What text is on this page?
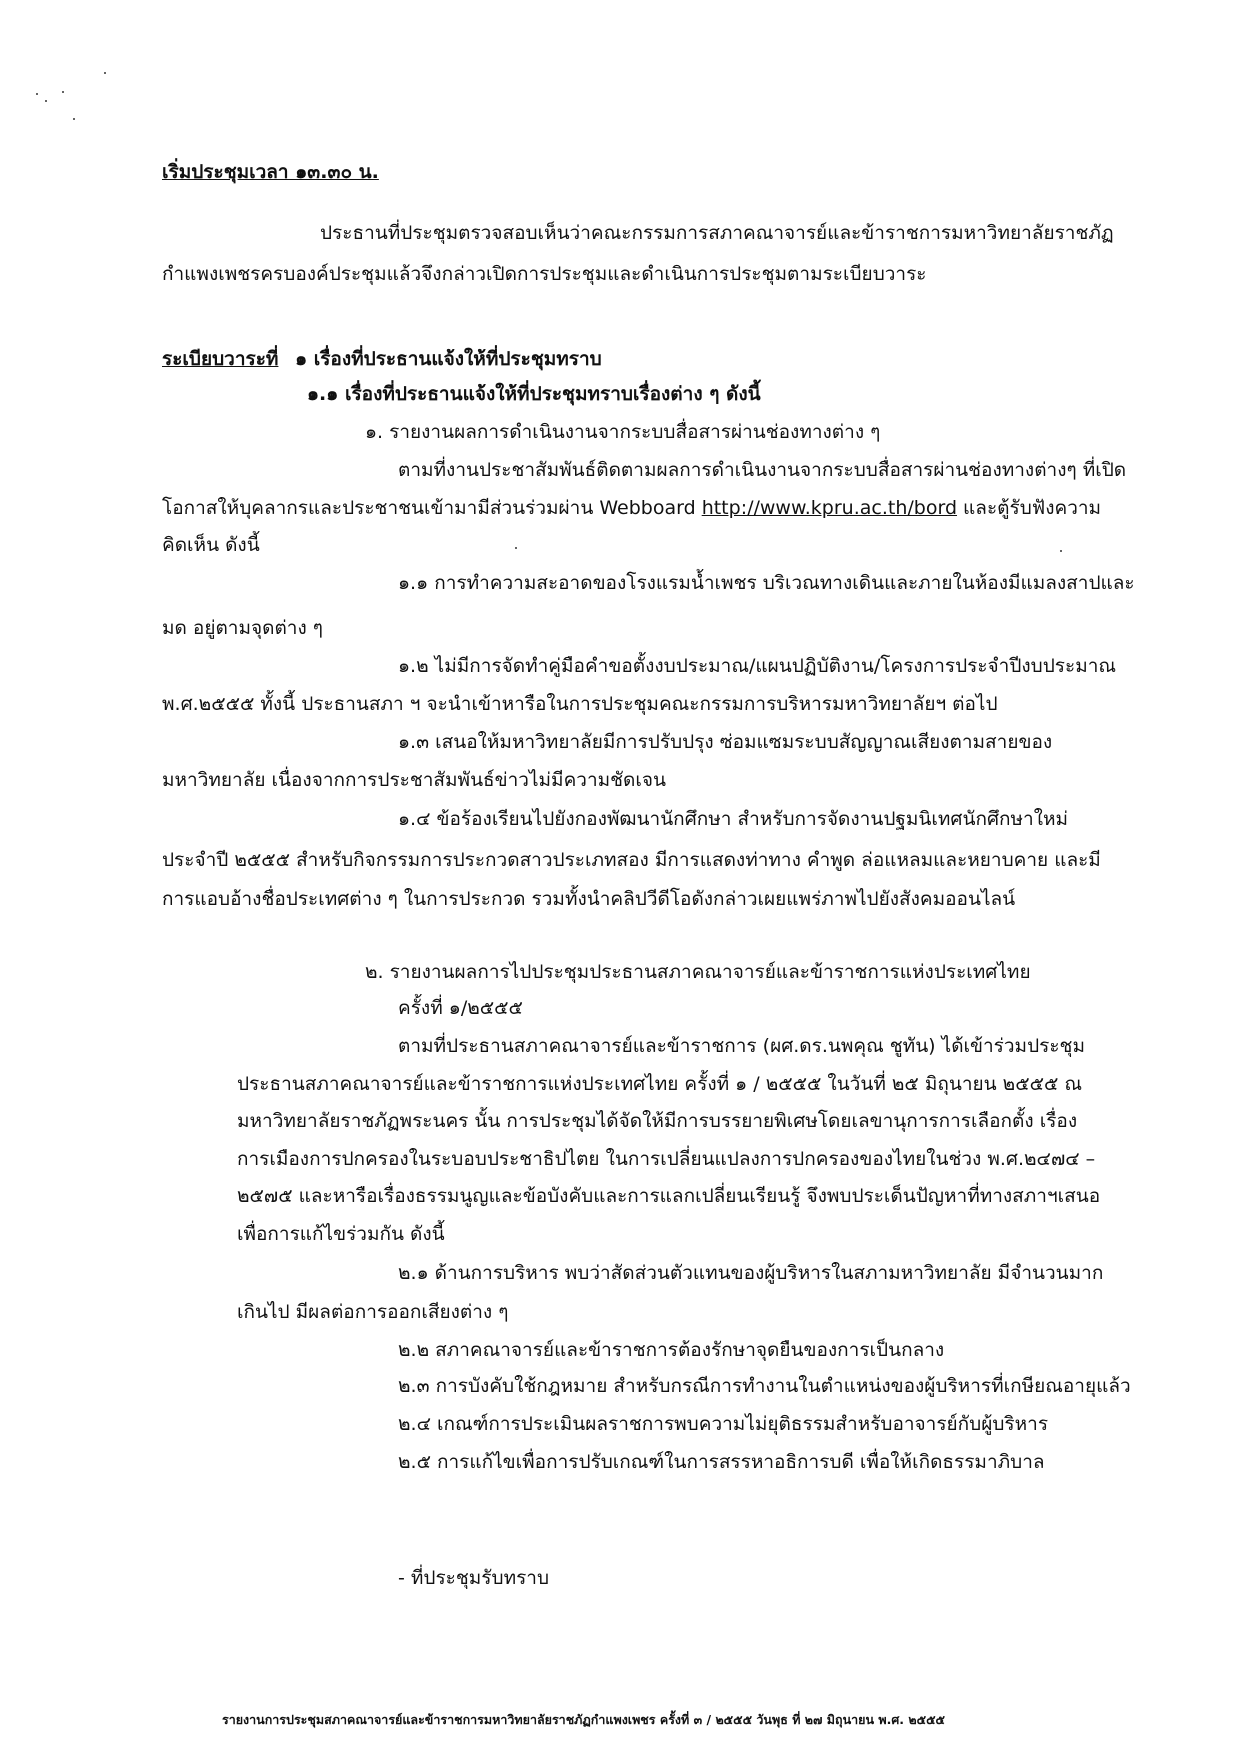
เริ่มประชุมเวลา ๑๓.๓๐ น.
ประธานที่ประชุมตรวจสอบเห็นว่าคณะกรรมการสภาคณาจารย์และข้าราชการมหาวิทยาลัยราชภัฏ
กำแพงเพชรครบองค์ประชุมแล้วจึงกล่าวเปิดการประชุมและดำเนินการประชุมตามระเบียบวาระ
ระเบียบวาระที่ ๑ เรื่องที่ประธานแจ้งให้ที่ประชุมทราบ
๑.๑ เรื่องที่ประธานแจ้งให้ที่ประชุมทราบเรื่องต่าง ๆ ดังนี้
๑. รายงานผลการดำเนินงานจากระบบสื่อสารผ่านช่องทางต่าง ๆ
ตามที่งานประชาสัมพันธ์ติดตามผลการดำเนินงานจากระบบสื่อสารผ่านช่องทางต่างๆ ที่เปิด
โอกาสให้บุคลากรและประชาชนเข้ามามีส่วนร่วมผ่าน Webboard http://www.kpru.ac.th/bord และตู้รับฟังความ
คิดเห็น ดังนี้
๑.๑ การทำความสะอาดของโรงแรมน้ำเพชร บริเวณทางเดินและภายในห้องมีแมลงสาปและ
มด อยู่ตามจุดต่าง ๆ
๑.๒ ไม่มีการจัดทำคู่มือคำขอตั้งงบประมาณ/แผนปฏิบัติงาน/โครงการประจำปีงบประมาณ
พ.ศ.๒๕๕๕ ทั้งนี้ ประธานสภา ฯ จะนำเข้าหารือในการประชุมคณะกรรมการบริหารมหาวิทยาลัยฯ ต่อไป
๑.๓ เสนอให้มหาวิทยาลัยมีการปรับปรุง ซ่อมแซมระบบสัญญาณเสียงตามสายของ
มหาวิทยาลัย เนื่องจากการประชาสัมพันธ์ข่าวไม่มีความชัดเจน
๑.๔ ข้อร้องเรียนไปยังกองพัฒนานักศึกษา สำหรับการจัดงานปฐมนิเทศนักศึกษาใหม่
ประจำปี ๒๕๕๕ สำหรับกิจกรรมการประกวดสาวประเภทสอง มีการแสดงท่าทาง คำพูด ล่อแหลมและหยาบคาย และมี
การแอบอ้างชื่อประเทศต่าง ๆ ในการประกวด รวมทั้งนำคลิปวีดีโอดังกล่าวเผยแพร่ภาพไปยังสังคมออนไลน์
๒. รายงานผลการไปประชุมประธานสภาคณาจารย์และข้าราชการแห่งประเทศไทย
ครั้งที่ ๑/๒๕๕๕
ตามที่ประธานสภาคณาจารย์และข้าราชการ (ผศ.ดร.นพคุณ ชูทัน) ได้เข้าร่วมประชุม
ประธานสภาคณาจารย์และข้าราชการแห่งประเทศไทย ครั้งที่ ๑ / ๒๕๕๕ ในวันที่ ๒๕ มิถุนายน ๒๕๕๕ ณ
มหาวิทยาลัยราชภัฏพระนคร นั้น การประชุมได้จัดให้มีการบรรยายพิเศษโดยเลขานุการการเลือกตั้ง เรื่อง
การเมืองการปกครองในระบอบประชาธิปไตย ในการเปลี่ยนแปลงการปกครองของไทยในช่วง พ.ศ.๒๔๗๔ –
๒๕๗๕ และหารือเรื่องธรรมนูญและข้อบังคับและการแลกเปลี่ยนเรียนรู้ จึงพบประเด็นปัญหาที่ทางสภาฯเสนอ
เพื่อการแก้ไขร่วมกัน ดังนี้
๒.๑ ด้านการบริหาร พบว่าสัดส่วนตัวแทนของผู้บริหารในสภามหาวิทยาลัย มีจำนวนมาก
เกินไป มีผลต่อการออกเสียงต่าง ๆ
๒.๒ สภาคณาจารย์และข้าราชการต้องรักษาจุดยืนของการเป็นกลาง
๒.๓ การบังคับใช้กฎหมาย สำหรับกรณีการทำงานในตำแหน่งของผู้บริหารที่เกษียณอายุแล้ว
๒.๔ เกณฑ์การประเมินผลราชการพบความไม่ยุติธรรมสำหรับอาจารย์กับผู้บริหาร
๒.๕ การแก้ไขเพื่อการปรับเกณฑ์ในการสรรหาอธิการบดี เพื่อให้เกิดธรรมาภิบาล
- ที่ประชุมรับทราบ
รายงานการประชุมสภาคณาจารย์และข้าราชการมหาวิทยาลัยราชภัฏกำแพงเพชร ครั้งที่ ๓ / ๒๕๕๕ วันพุธ ที่ ๒๗ มิถุนายน พ.ศ. ๒๕๕๕
